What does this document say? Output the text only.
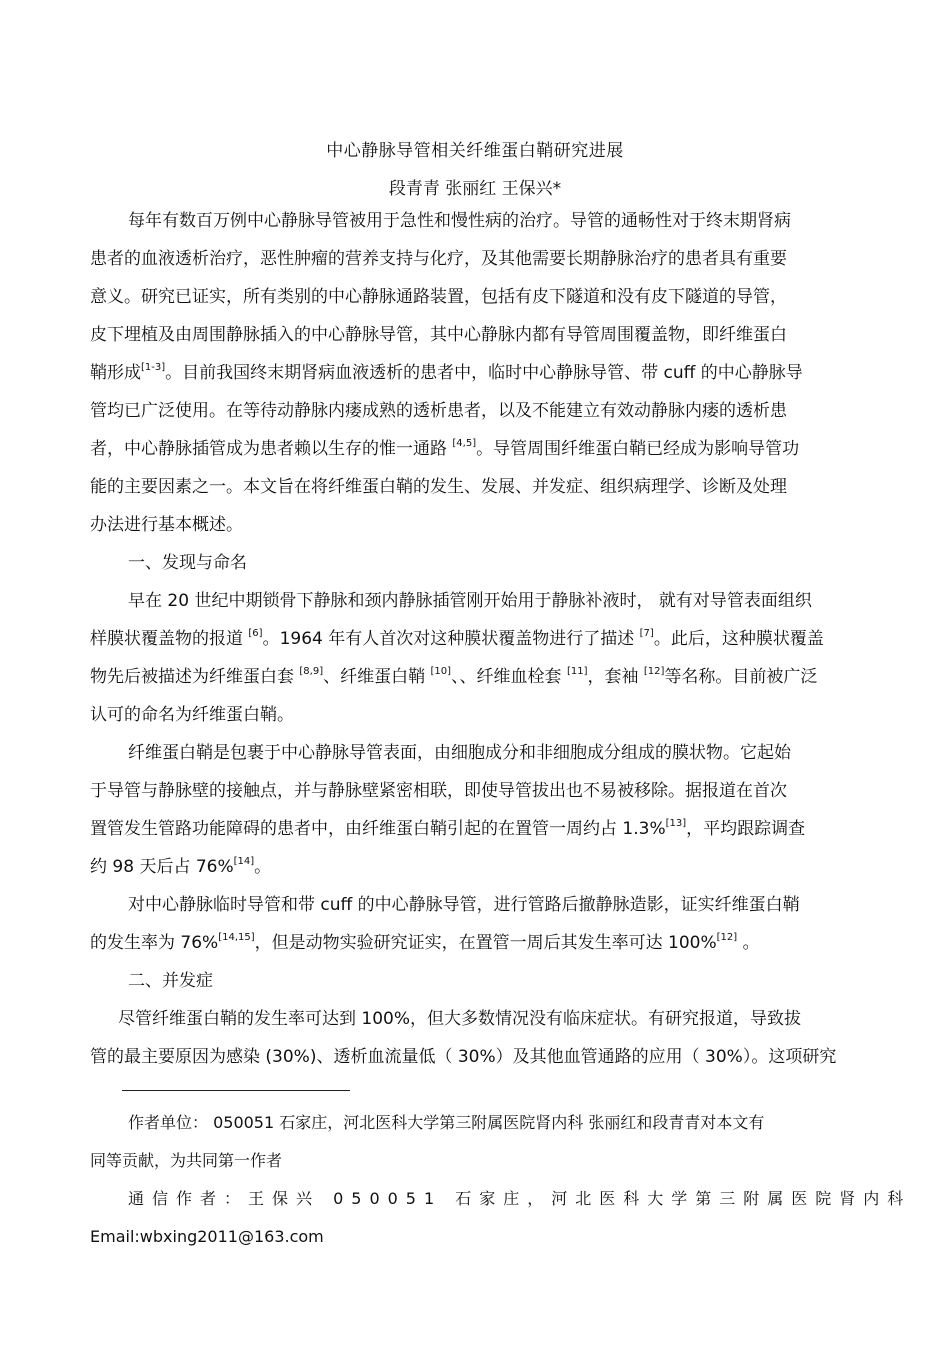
中心静脉导管相关纤维蛋白鞘研究进展
段青青 张丽红 王保兴*
每年有数百万例中心静脉导管被用于急性和慢性病的治疗。导管的通畅性对于终末期肾病
患者的血液透析治疗，恶性肿瘤的营养支持与化疗，及其他需要长期静脉治疗的患者具有重要
意义。研究已证实，所有类别的中心静脉通路装置，包括有皮下隧道和没有皮下隧道的导管，
皮下埋植及由周围静脉插入的中心静脉导管，其中心静脉内都有导管周围覆盖物，即纤维蛋白
鞘形成[1-3]。目前我国终末期肾病血液透析的患者中，临时中心静脉导管、带 cuff 的中心静脉导
管均已广泛使用。在等待动静脉内瘘成熟的透析患者，以及不能建立有效动静脉内瘘的透析患
者，中心静脉插管成为患者赖以生存的惟一通路 [4,5]。导管周围纤维蛋白鞘已经成为影响导管功
能的主要因素之一。本文旨在将纤维蛋白鞘的发生、发展、并发症、组织病理学、诊断及处理
办法进行基本概述。
一、发现与命名
早在 20 世纪中期锁骨下静脉和颈内静脉插管刚开始用于静脉补液时， 就有对导管表面组织
样膜状覆盖物的报道 [6]。1964 年有人首次对这种膜状覆盖物进行了描述 [7]。此后，这种膜状覆盖
物先后被描述为纤维蛋白套 [8,9]、纤维蛋白鞘 [10]、、纤维血栓套 [11]，套袖 [12]等名称。目前被广泛
认可的命名为纤维蛋白鞘。
纤维蛋白鞘是包裹于中心静脉导管表面，由细胞成分和非细胞成分组成的膜状物。它起始
于导管与静脉壁的接触点，并与静脉壁紧密相联，即使导管拔出也不易被移除。据报道在首次
置管发生管路功能障碍的患者中，由纤维蛋白鞘引起的在置管一周约占 1.3%[13]，平均跟踪调查
约 98 天后占 76%[14]。
对中心静脉临时导管和带 cuff 的中心静脉导管，进行管路后撤静脉造影，证实纤维蛋白鞘
的发生率为 76%[14,15]，但是动物实验研究证实，在置管一周后其发生率可达 100%[12] 。
二、并发症
尽管纤维蛋白鞘的发生率可达到 100%，但大多数情况没有临床症状。有研究报道，导致拔
管的最主要原因为感染 (30%)、透析血流量低（ 30%）及其他血管通路的应用（ 30%）。这项研究
作者单位： 050051 石家庄，河北医科大学第三附属医院肾内科 张丽红和段青青对本文有
同等贡献，为共同第一作者
通信作者：王保兴 050051 石家庄，河北医科大学第三附属医院肾内科
Email:wbxing2011@163.com
